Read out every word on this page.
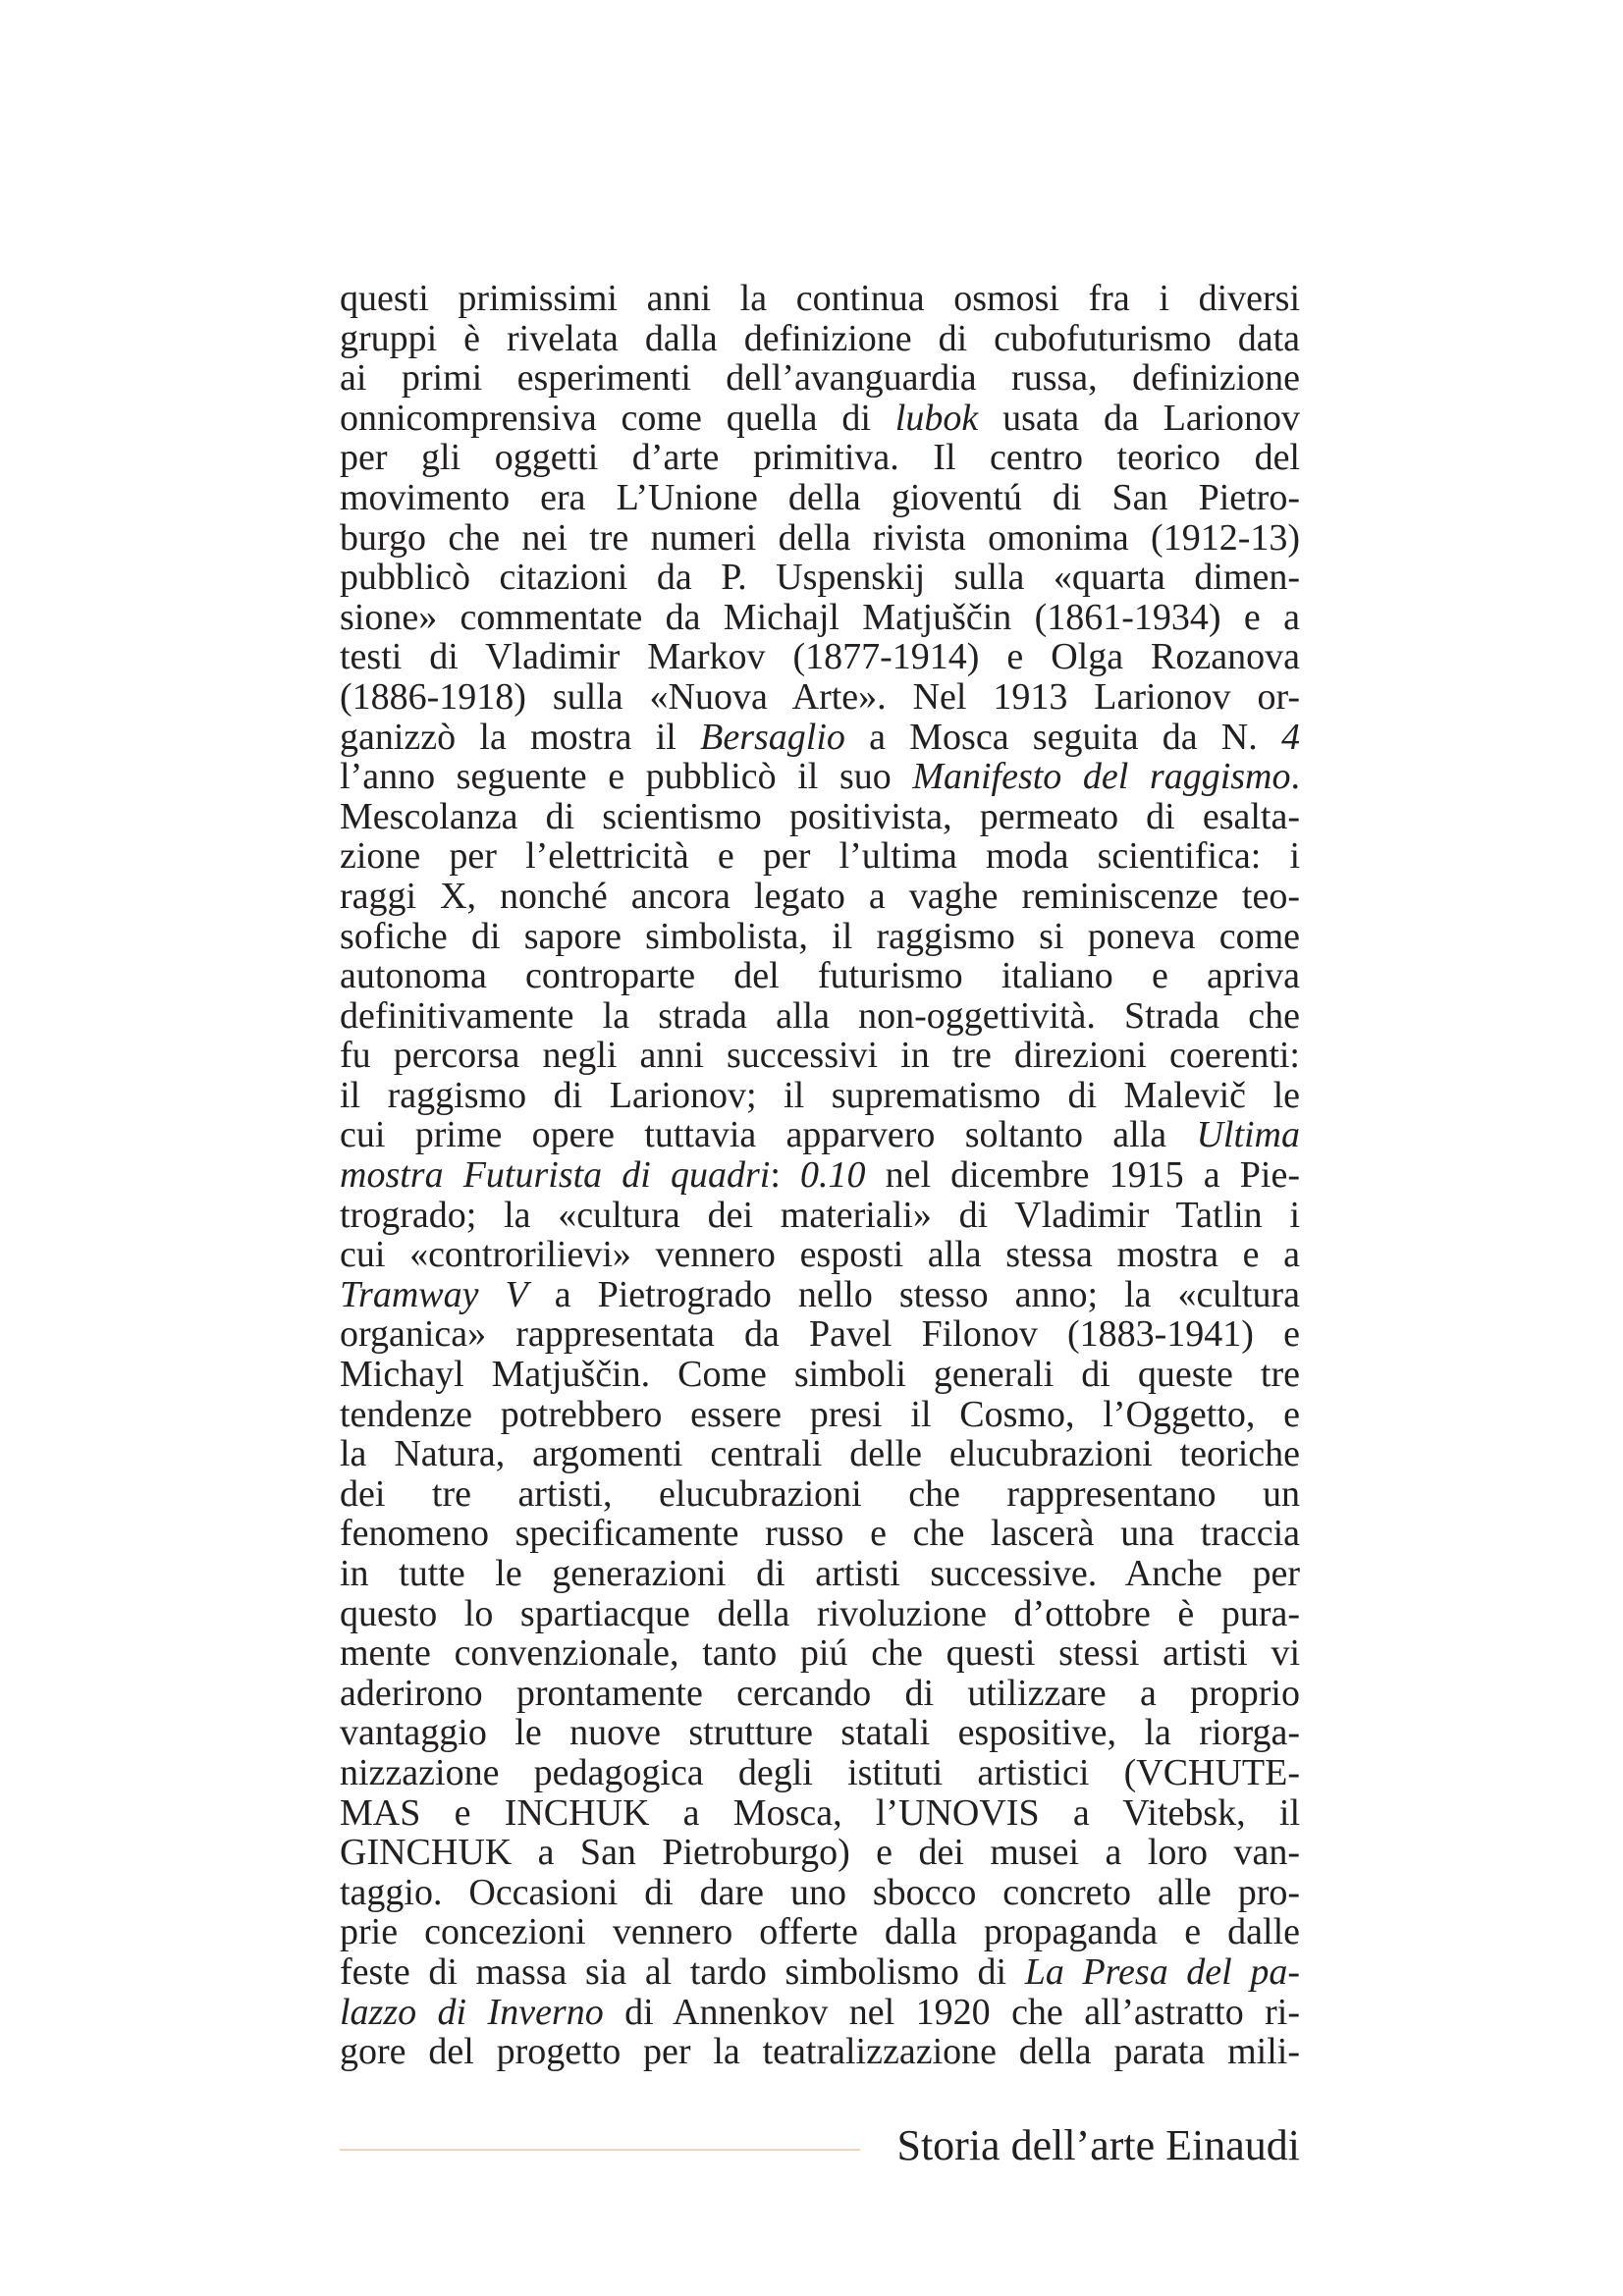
questi primissimi anni la continua osmosi fra i diversi
gruppi è rivelata dalla definizione di cubofuturismo data
ai primi esperimenti dell’avanguardia russa, definizione
onnicomprensiva come quella di lubok usata da Larionov
per gli oggetti d’arte primitiva. Il centro teorico del
movimento era L’Unione della gioventú di San Pietro-
burgo che nei tre numeri della rivista omonima (1912-13)
pubblicò citazioni da P. Uspenskij sulla «quarta dimen-
sione» commentate da Michajl Matjuščin (1861-1934) e a
testi di Vladimir Markov (1877-1914) e Olga Rozanova
(1886-1918) sulla «Nuova Arte». Nel 1913 Larionov or-
ganizzò la mostra il Bersaglio a Mosca seguita da N. 4
l’anno seguente e pubblicò il suo Manifesto del raggismo.
Mescolanza di scientismo positivista, permeato di esalta-
zione per l’elettricità e per l’ultima moda scientifica: i
raggi X, nonché ancora legato a vaghe reminiscenze teo-
sofiche di sapore simbolista, il raggismo si poneva come
autonoma controparte del futurismo italiano e apriva
definitivamente la strada alla non-oggettività. Strada che
fu percorsa negli anni successivi in tre direzioni coerenti:
il raggismo di Larionov; il suprematismo di Malevič le
cui prime opere tuttavia apparvero soltanto alla Ultima
mostra Futurista di quadri: 0.10 nel dicembre 1915 a Pie-
trogrado; la «cultura dei materiali» di Vladimir Tatlin i
cui «controrilievi» vennero esposti alla stessa mostra e a
Tramway V a Pietrogrado nello stesso anno; la «cultura
organica» rappresentata da Pavel Filonov (1883-1941) e
Michayl Matjuščin. Come simboli generali di queste tre
tendenze potrebbero essere presi il Cosmo, l’Oggetto, e
la Natura, argomenti centrali delle elucubrazioni teoriche
dei tre artisti, elucubrazioni che rappresentano un
fenomeno specificamente russo e che lascerà una traccia
in tutte le generazioni di artisti successive. Anche per
questo lo spartiacque della rivoluzione d’ottobre è pura-
mente convenzionale, tanto piú che questi stessi artisti vi
aderirono prontamente cercando di utilizzare a proprio
vantaggio le nuove strutture statali espositive, la riorga-
nizzazione pedagogica degli istituti artistici (VCHUTE-
MAS e INCHUK a Mosca, l’UNOVIS a Vitebsk, il
GINCHUK a San Pietroburgo) e dei musei a loro van-
taggio. Occasioni di dare uno sbocco concreto alle pro-
prie concezioni vennero offerte dalla propaganda e dalle
feste di massa sia al tardo simbolismo di La Presa del pa-
lazzo di Inverno di Annenkov nel 1920 che all’astratto ri-
gore del progetto per la teatralizzazione della parata mili-
Storia dell’arte Einaudi
